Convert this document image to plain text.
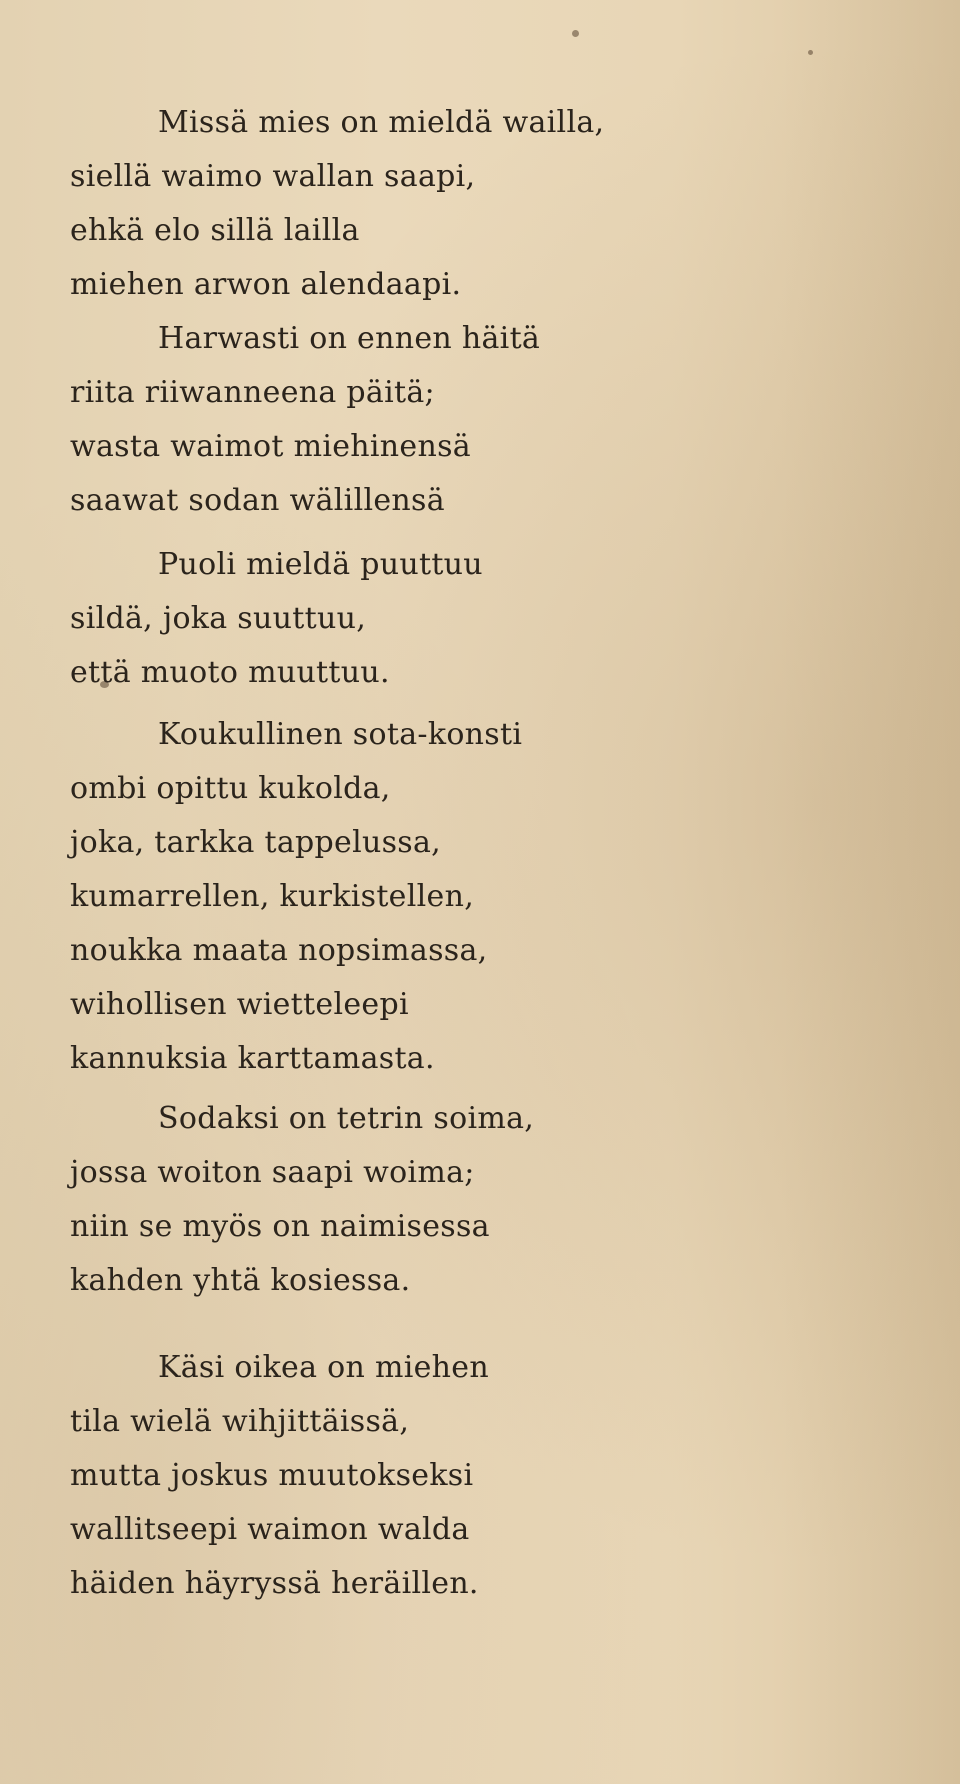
Missä mies on mieldä wailla,
siellä waimo wallan saapi,
ehkä elo sillä lailla
miehen arwon alendaapi.
Harwasti on ennen häitä
riita riiwanneena päitä;
wasta waimot miehinensä
saawat sodan wälillensä
Puoli mieldä puuttuu
sildä, joka suuttuu,
että muoto muuttuu.
Koukullinen sota-konsti
ombi opittu kukolda,
joka, tarkka tappelussa,
kumarrellen, kurkistellen,
noukka maata nopsimassa,
wihollisen wietteleepi
kannuksia karttamasta.
Sodaksi on tetrin soima,
jossa woiton saapi woima;
niin se myös on naimisessa
kahden yhtä kosiessa.
Käsi oikea on miehen
tila wielä wihjittäissä,
mutta joskus muutokseksi
wallitseepi waimon walda
häiden häyryssä heräillen.
